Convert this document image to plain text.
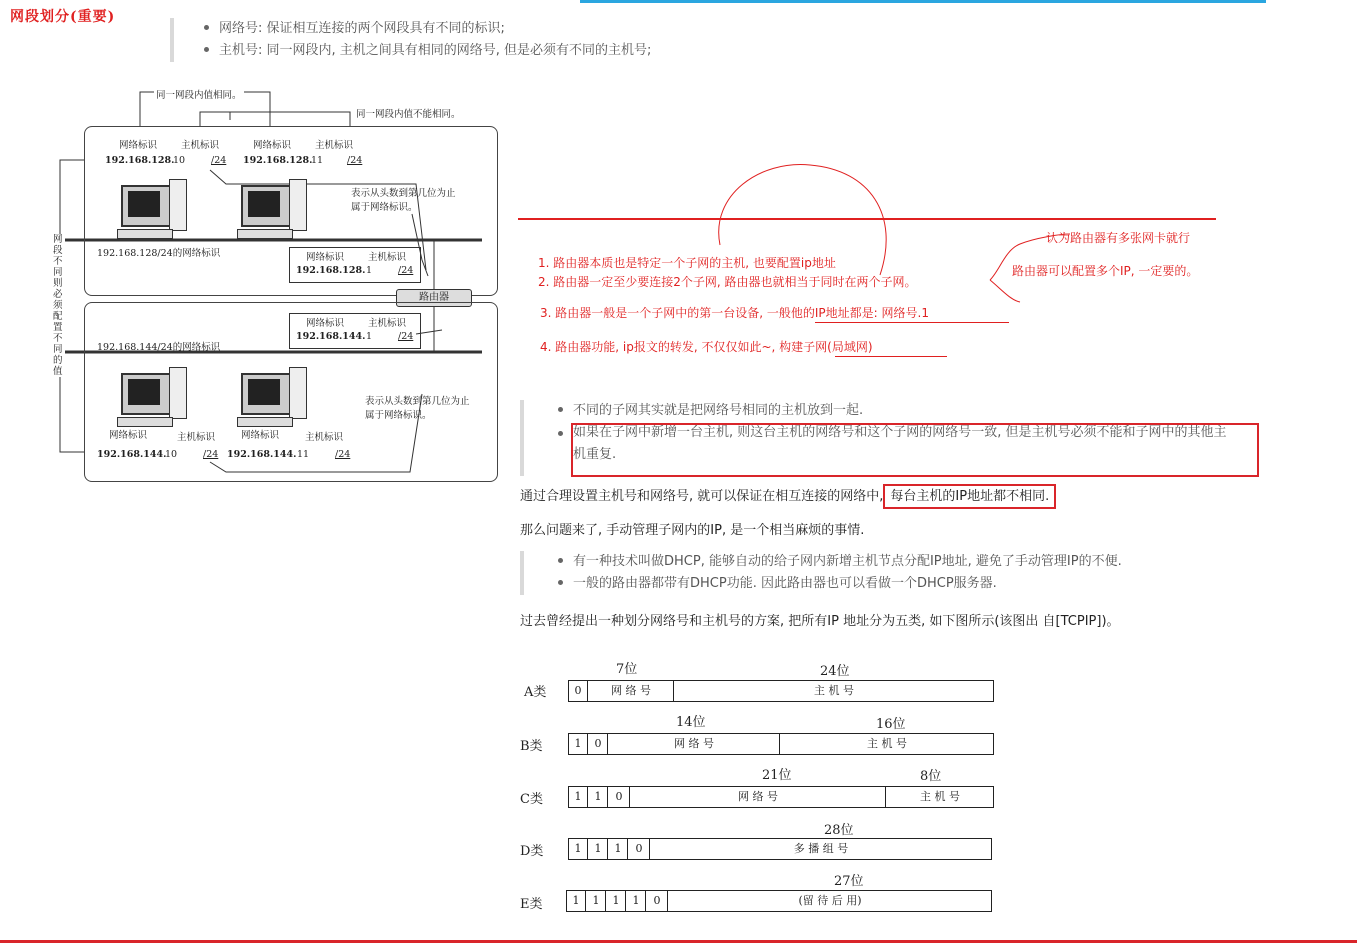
网段划分(重要)
网络号: 保证相互连接的两个网段具有不同的标识;
主机号: 同一网段内, 主机之间具有相同的网络号, 但是必须有不同的主机号;
同一网段内值相同。
同一网段内值不能相同。
网络标识	主机标识	网络标识	主机标识
192.168.128.
10	/24 192.168.128.
11	/24
表示从头数到第几位为止属于网络标识。
192.168.128/24的网络标识	网络标识	主机标识
192.168.128. 1	/24
路由器
网络标识	主机标识
192.168.144. 1	/24
192.168.144/24的网络标识
表示从头数到第几位为止属于网络标识。
网络标识	主机标识	网络标识	主机标识
192.168.144.
10	/24 192.168.144. 11	/24
网段不同则必须配置不同的值
认为路由器有多张网卡就行
路由器可以配置多个IP, 一定要的。
1. 路由器本质也是特定一个子网的主机, 也要配置ip地址
2. 路由器一定至少要连接2个子网, 路由器也就相当于同时在两个子网。
3. 路由器一般是一个子网中的第一台设备, 一般他的IP地址都是: 网络号.1
4. 路由器功能, ip报文的转发, 不仅仅如此~, 构建子网(局域网)
不同的子网其实就是把网络号相同的主机放到一起.
如果在子网中新增一台主机, 则这台主机的网络号和这个子网的网络号一致, 但是主机号必须不能和子网中的其他主机重复.
通过合理设置主机号和网络号, 就可以保证在相互连接的网络中, 每台主机的IP地址都不相同.
那么问题来了, 手动管理子网内的IP, 是一个相当麻烦的事情.
有一种技术叫做DHCP, 能够自动的给子网内新增主机节点分配IP地址, 避免了手动管理IP的不便.
一般的路由器都带有DHCP功能. 因此路由器也可以看做一个DHCP服务器.
过去曾经提出一种划分网络号和主机号的方案, 把所有IP 地址分为五类, 如下图所示(该图出 自[TCPIP])。
7位	24位
A类	0	网 络 号	主 机 号
14位	16位
B类	1	0	网 络 号	主 机 号
21位	8位
C类	1	1	0	网 络 号	主 机 号
28位
D类	1	1	1	0	多 播 组 号
27位
E类	1	1	1	1	0	(留 待 后 用)
